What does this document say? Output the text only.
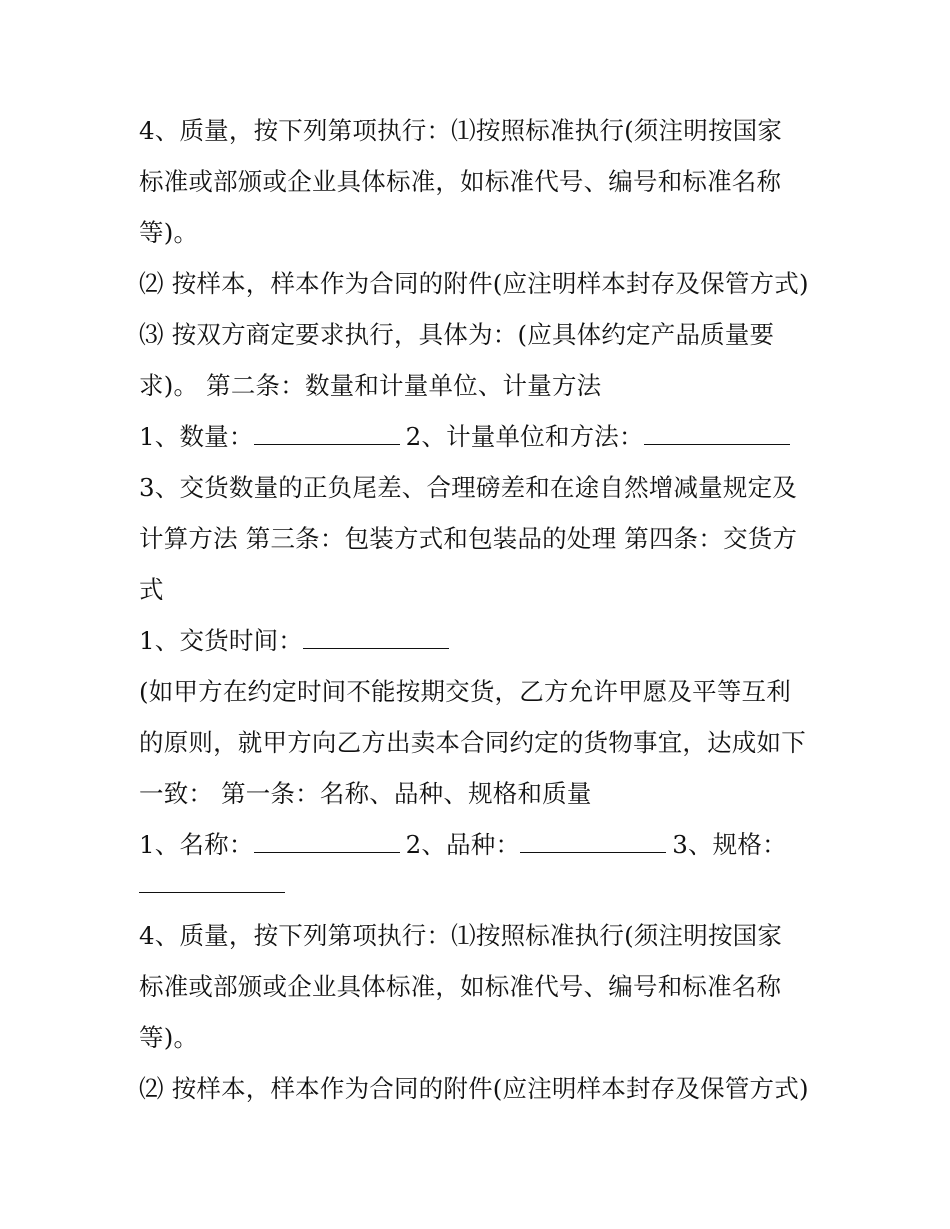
4、质量，按下列第项执行：⑴按照标准执行(须注明按国家
标准或部颁或企业具体标准，如标准代号、编号和标准名称
等)。
⑵ 按样本，样本作为合同的附件(应注明样本封存及保管方式)
⑶ 按双方商定要求执行，具体为：(应具体约定产品质量要
求)。 第二条：数量和计量单位、计量方法
1、数量：	2、计量单位和方法：
3、交货数量的正负尾差、合理磅差和在途自然增减量规定及
计算方法 第三条：包装方式和包装品的处理 第四条：交货方
式
1、交货时间：
(如甲方在约定时间不能按期交货，乙方允许甲愿及平等互利
的原则，就甲方向乙方出卖本合同约定的货物事宜，达成如下
一致： 第一条：名称、品种、规格和质量
1、名称：	2、品种：	3、规格：
4、质量，按下列第项执行：⑴按照标准执行(须注明按国家
标准或部颁或企业具体标准，如标准代号、编号和标准名称
等)。
⑵ 按样本，样本作为合同的附件(应注明样本封存及保管方式)
